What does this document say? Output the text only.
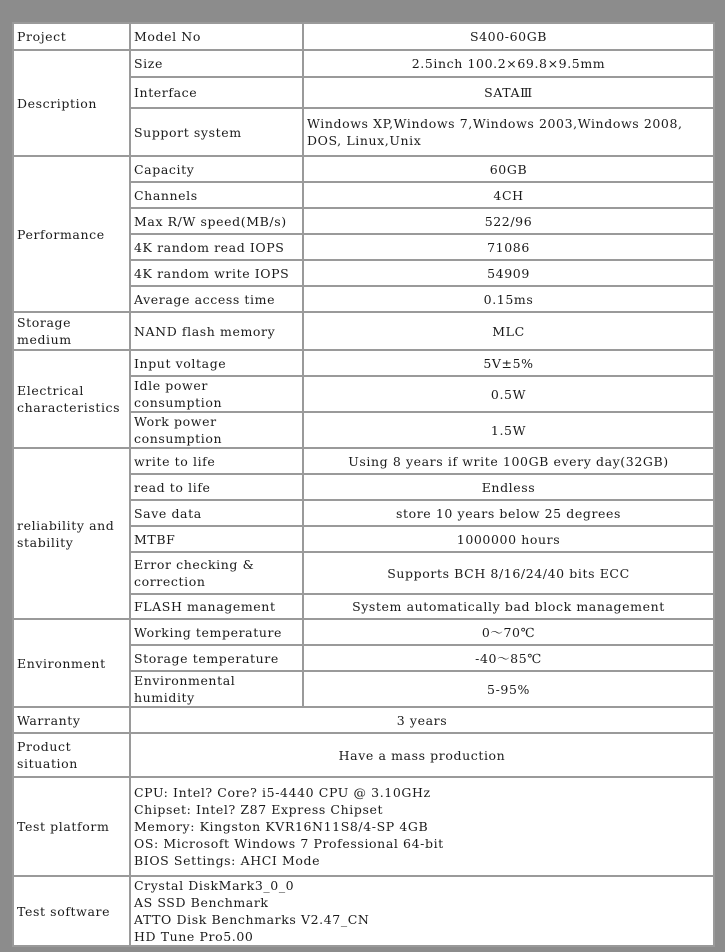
Project	Model No	S400-60GB
Description	Size	2.5inch 100.2×69.8×9.5mm
	Interface	SATAⅢ
	Support system	Windows XP,Windows 7,Windows 2003,Windows 2008, DOS, Linux,Unix
Performance	Capacity	60GB
	Channels	4CH
	Max R/W speed(MB/s)	522/96
	4K random read IOPS	71086
	4K random write IOPS	54909
	Average access time	0.15ms
Storage medium	NAND flash memory	MLC
Electrical characteristics	Input voltage	5V±5%
	Idle power consumption	0.5W
	Work power consumption	1.5W
reliability and stability	write to life	Using 8 years if write 100GB every day(32GB)
	read to life	Endless
	Save data	store 10 years below 25 degrees
	MTBF	1000000 hours
	Error checking & correction	Supports BCH 8/16/24/40 bits ECC
	FLASH management	System automatically bad block management
Environment	Working temperature	0～70℃
	Storage temperature	-40～85℃
	Environmental humidity	5-95%
Warranty	3 years	
Product situation	Have a mass production	
Test platform	CPU: Intel? Core? i5-4440 CPU @ 3.10GHz
Chipset: Intel? Z87 Express Chipset
Memory: Kingston KVR16N11S8/4-SP 4GB
OS: Microsoft Windows 7 Professional 64-bit
BIOS Settings: AHCI Mode	

Test software	Crystal DiskMark3_0_0
AS SSD Benchmark
ATTO Disk Benchmarks V2.47_CN
HD Tune Pro5.00	
